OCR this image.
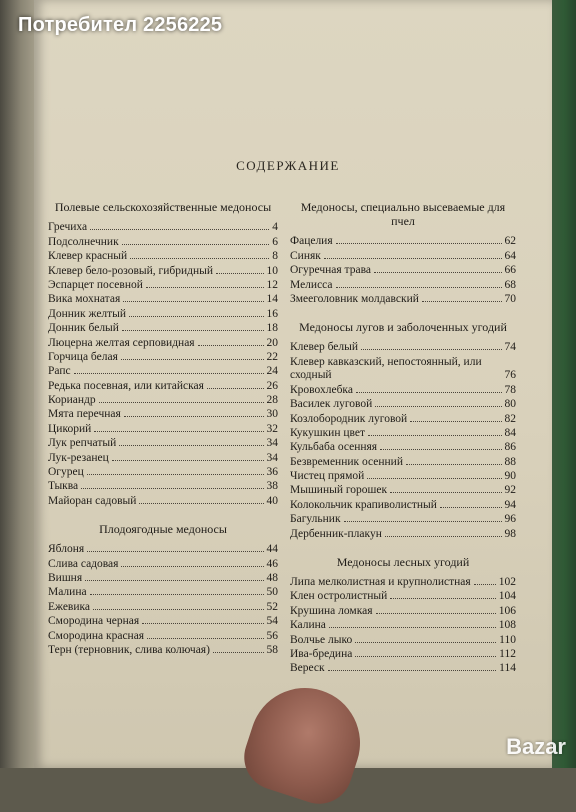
СОДЕРЖАНИЕ
Полевые сельскохозяйственные медоносы
Гречиха	4
Подсолнечник	6
Клевер красный	8
Клевер бело-розовый, гибридный	10
Эспарцет посевной	12
Вика мохнатая	14
Донник желтый	16
Донник белый	18
Люцерна желтая серповидная	20
Горчица белая	22
Рапс	24
Редька посевная, или китайская	26
Кориандр	28
Мята перечная	30
Цикорий	32
Лук репчатый	34
Лук-резанец	34
Огурец	36
Тыква	38
Майоран садовый	40
Плодоягодные медоносы
Яблоня	44
Слива садовая	46
Вишня	48
Малина	50
Ежевика	52
Смородина черная	54
Смородина красная	56
Терн (терновник, слива колючая)	58
Медоносы, специально высеваемые для пчел
Фацелия	62
Синяк	64
Огуречная трава	66
Мелисса	68
Змееголовник молдавский	70
Медоносы лугов и заболоченных угодий
Клевер белый	74
Клевер кавказский, непостоянный, или сходный	76
Кровохлебка	78
Василек луговой	80
Козлобородник луговой	82
Кукушкин цвет	84
Кульбаба осенняя	86
Безвременник осенний	88
Чистец прямой	90
Мышиный горошек	92
Колокольчик крапиволистный	94
Багульник	96
Дербенник-плакун	98
Медоносы лесных угодий
Липа мелколистная и крупнолистная 102
Клен остролистный	104
Крушина ломкая	106
Калина	108
Волчье лыко	110
Ива-бредина	112
Вереск	114
Потребител 2256225
Bazar
